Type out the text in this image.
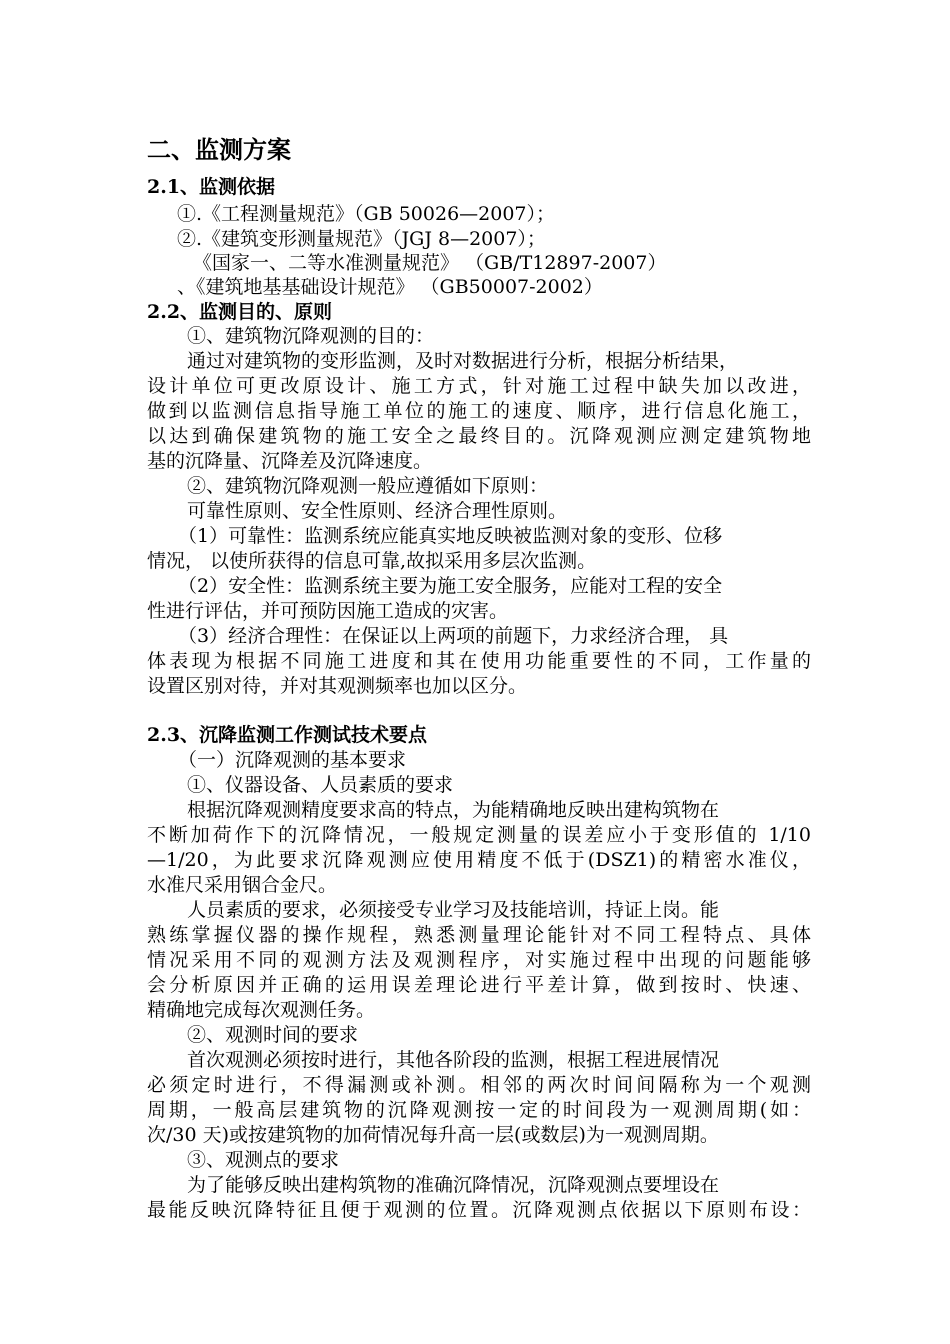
二、监测方案
2.1、监测依据
①.《工程测量规范》（GB 50026—2007）；
②.《建筑变形测量规范》（JGJ 8—2007）；
《国家一、二等水准测量规范》 （GB/T12897-2007）
、《建筑地基基础设计规范》 （GB50007-2002）
2.2、监测目的、原则
①、建筑物沉降观测的目的：
通过对建筑物的变形监测，及时对数据进行分析，根据分析结果，
设计单位可更改原设计、施工方式，针对施工过程中缺失加以改进，
做到以监测信息指导施工单位的施工的速度、顺序，进行信息化施工，
以达到确保建筑物的施工安全之最终目的。沉降观测应测定建筑物地
基的沉降量、沉降差及沉降速度。
②、建筑物沉降观测一般应遵循如下原则：
可靠性原则、安全性原则、经济合理性原则。
（1）可靠性：监测系统应能真实地反映被监测对象的变形、位移
情况， 以使所获得的信息可靠,故拟采用多层次监测。
（2）安全性：监测系统主要为施工安全服务，应能对工程的安全
性进行评估，并可预防因施工造成的灾害。
（3）经济合理性：在保证以上两项的前题下，力求经济合理， 具
体表现为根据不同施工进度和其在使用功能重要性的不同，工作量的
设置区别对待，并对其观测频率也加以区分。
2.3、沉降监测工作测试技术要点
（一）沉降观测的基本要求
①、仪器设备、人员素质的要求
根据沉降观测精度要求高的特点，为能精确地反映出建构筑物在
不断加荷作下的沉降情况，一般规定测量的误差应小于变形值的 1/10
—1/20，为此要求沉降观测应使用精度不低于(DSZ1)的精密水准仪，
水准尺采用铟合金尺。
人员素质的要求，必须接受专业学习及技能培训，持证上岗。能
熟练掌握仪器的操作规程，熟悉测量理论能针对不同工程特点、具体
情况采用不同的观测方法及观测程序，对实施过程中出现的问题能够
会分析原因并正确的运用误差理论进行平差计算，做到按时、快速、
精确地完成每次观测任务。
②、观测时间的要求
首次观测必须按时进行，其他各阶段的监测，根据工程进展情况
必须定时进行，不得漏测或补测。相邻的两次时间间隔称为一个观测
周期，一般高层建筑物的沉降观测按一定的时间段为一观测周期(如：
次/30 天)或按建筑物的加荷情况每升高一层(或数层)为一观测周期。
③、观测点的要求
为了能够反映出建构筑物的准确沉降情况，沉降观测点要埋设在
最能反映沉降特征且便于观测的位置。沉降观测点依据以下原则布设：
